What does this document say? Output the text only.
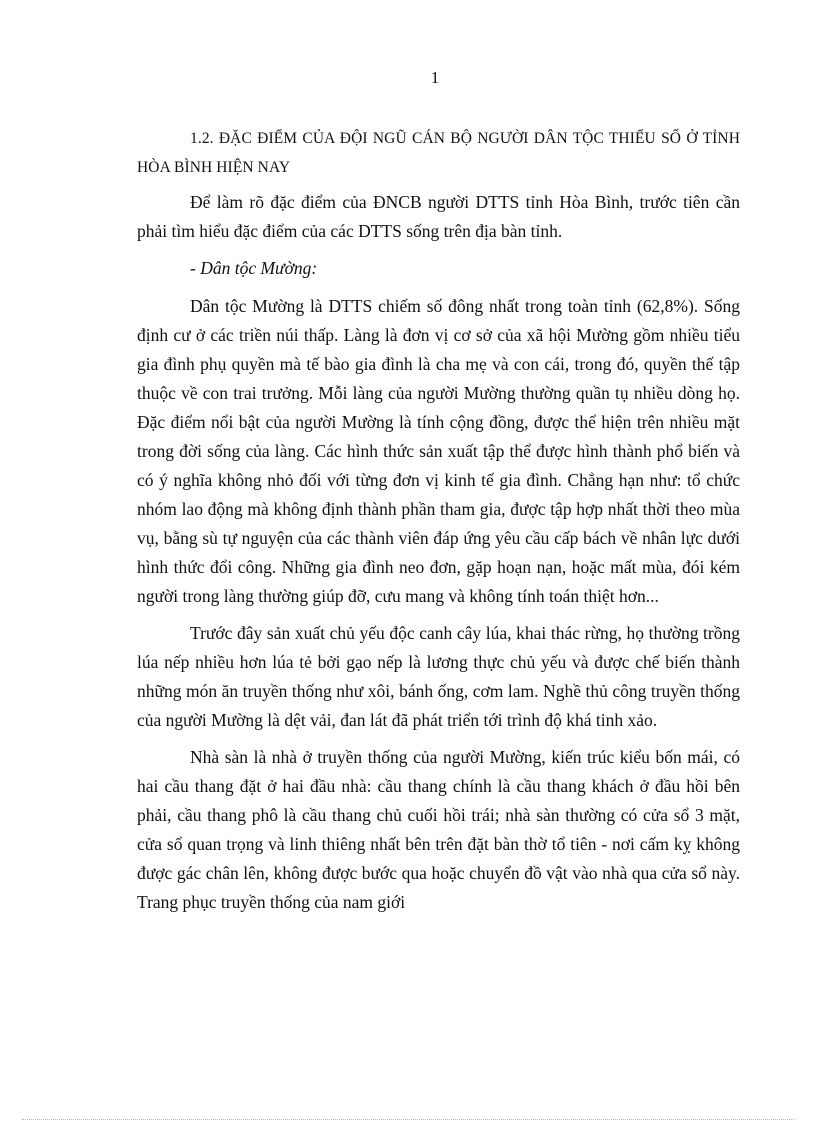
1

1.2. ĐẶC ĐIỂM CỦA ĐỘI NGŨ CÁN BỘ NGƯỜI DÂN TỘC THIỂU SỐ Ở TỈNH HÒA BÌNH HIỆN NAY

Để làm rõ đặc điểm của ĐNCB người DTTS tỉnh Hòa Bình, trước tiên cần phải tìm hiểu đặc điểm của các DTTS sống trên địa bàn tỉnh.

- Dân tộc Mường:

Dân tộc Mường là DTTS chiếm số đông nhất trong toàn tỉnh (62,8%). Sống định cư ở các triền núi thấp. Làng là đơn vị cơ sở của xã hội Mường gồm nhiều tiểu gia đình phụ quyền mà tế bào gia đình là cha mẹ và con cái, trong đó, quyền thế tập thuộc về con trai trưởng. Mỗi làng của người Mường thường quần tụ nhiều dòng họ. Đặc điểm nổi bật của người Mường là tính cộng đồng, được thể hiện trên nhiều mặt trong đời sống của làng. Các hình thức sản xuất tập thể được hình thành phổ biến và có ý nghĩa không nhỏ đối với từng đơn vị kinh tế gia đình. Chẳng hạn như: tổ chức nhóm lao động mà không định thành phần tham gia, được tập hợp nhất thời theo mùa vụ, bằng sù tự nguyện của các thành viên đáp ứng yêu cầu cấp bách về nhân lực dưới hình thức đổi công. Những gia đình neo đơn, gặp hoạn nạn, hoặc mất mùa, đói kém người trong làng thường giúp đỡ, cưu mang và không tính toán thiệt hơn...

Trước đây sản xuất chủ yếu độc canh cây lúa, khai thác rừng, họ thường trồng lúa nếp nhiều hơn lúa tẻ bởi gạo nếp là lương thực chủ yếu và được chế biến thành những món ăn truyền thống như xôi, bánh ống, cơm lam. Nghề thủ công truyền thống của người Mường là dệt vải, đan lát đã phát triển tới trình độ khá tinh xảo.

Nhà sàn là nhà ở truyền thống của người Mường, kiến trúc kiểu bốn mái, có hai cầu thang đặt ở hai đầu nhà: cầu thang chính là cầu thang khách ở đầu hồi bên phải, cầu thang phô là cầu thang chủ cuối hồi trái; nhà sàn thường có cửa sổ 3 mặt, cửa sổ quan trọng và linh thiêng nhất bên trên đặt bàn thờ tổ tiên - nơi cấm kỵ không được gác chân lên, không được bước qua hoặc chuyển đồ vật vào nhà qua cửa sổ này. Trang phục truyền thống của nam giới
